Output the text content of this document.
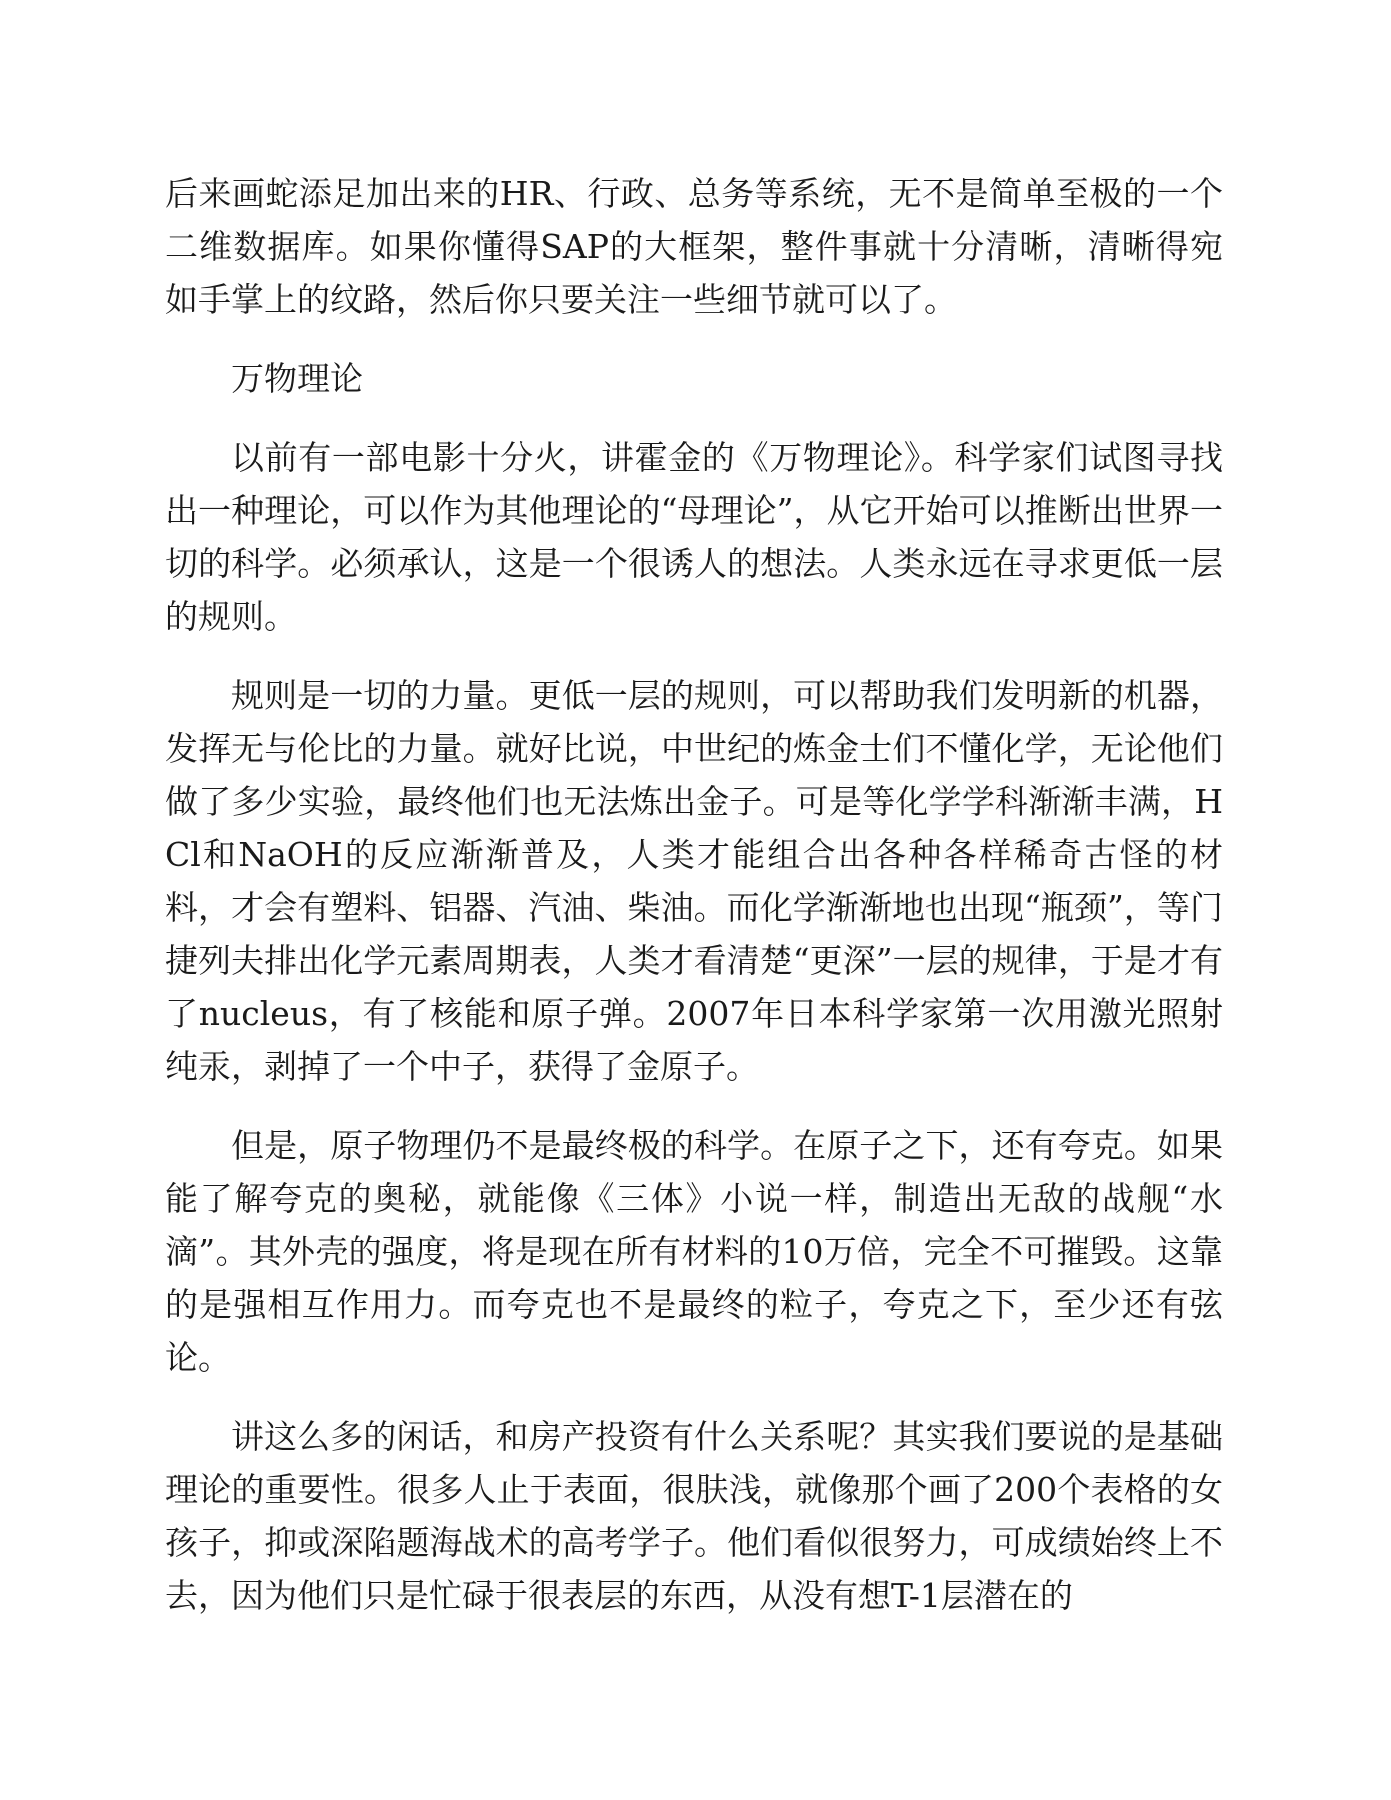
后来画蛇添足加出来的HR、行政、总务等系统，无不是简单至极的一个二维数据库。如果你懂得SAP的大框架，整件事就十分清晰，清晰得宛如手掌上的纹路，然后你只要关注一些细节就可以了。

万物理论

以前有一部电影十分火，讲霍金的《万物理论》。科学家们试图寻找出一种理论，可以作为其他理论的“母理论”，从它开始可以推断出世界一切的科学。必须承认，这是一个很诱人的想法。人类永远在寻求更低一层的规则。

规则是一切的力量。更低一层的规则，可以帮助我们发明新的机器，发挥无与伦比的力量。就好比说，中世纪的炼金士们不懂化学，无论他们做了多少实验，最终他们也无法炼出金子。可是等化学学科渐渐丰满，HCl和NaOH的反应渐渐普及，人类才能组合出各种各样稀奇古怪的材料，才会有塑料、铝器、汽油、柴油。而化学渐渐地也出现“瓶颈”，等门捷列夫排出化学元素周期表，人类才看清楚“更深”一层的规律，于是才有了nucleus，有了核能和原子弹。2007年日本科学家第一次用激光照射纯汞，剥掉了一个中子，获得了金原子。

但是，原子物理仍不是最终极的科学。在原子之下，还有夸克。如果能了解夸克的奥秘，就能像《三体》小说一样，制造出无敌的战舰“水滴”。其外壳的强度，将是现在所有材料的10万倍，完全不可摧毁。这靠的是强相互作用力。而夸克也不是最终的粒子，夸克之下，至少还有弦论。

讲这么多的闲话，和房产投资有什么关系呢？其实我们要说的是基础理论的重要性。很多人止于表面，很肤浅，就像那个画了200个表格的女孩子，抑或深陷题海战术的高考学子。他们看似很努力，可成绩始终上不去，因为他们只是忙碌于很表层的东西，从没有想T-1层潜在的
